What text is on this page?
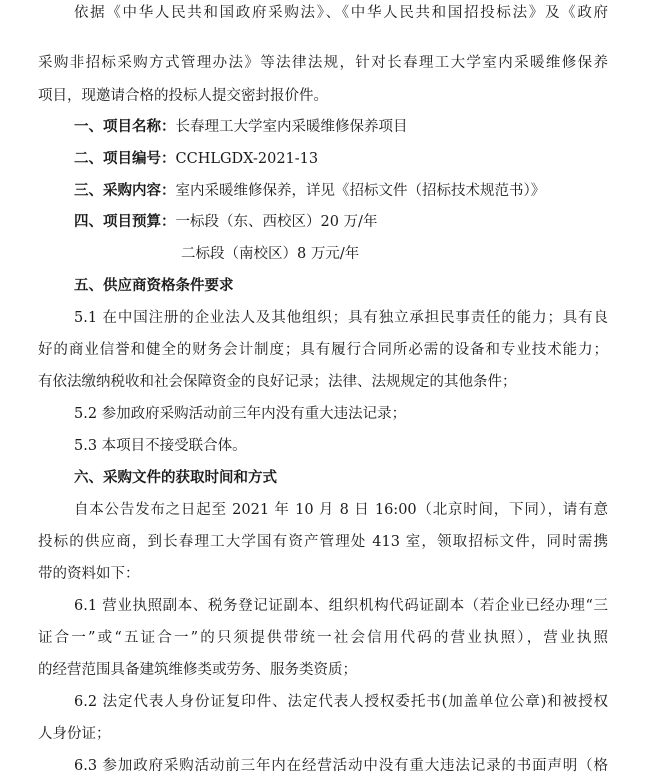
依据《中华人民共和国政府采购法》、《中华人民共和国招投标法》及《政府
采购非招标采购方式管理办法》等法律法规，针对长春理工大学室内采暖维修保养
项目，现邀请合格的投标人提交密封报价件。
一、项目名称：长春理工大学室内采暖维修保养项目
二、项目编号：CCHLGDX-2021-13
三、采购内容：室内采暖维修保养，详见《招标文件（招标技术规范书）》
四、项目预算：一标段（东、西校区）20 万/年
二标段（南校区）8 万元/年
五、供应商资格条件要求
5.1 在中国注册的企业法人及其他组织；具有独立承担民事责任的能力；具有良
好的商业信誉和健全的财务会计制度；具有履行合同所必需的设备和专业技术能力；
有依法缴纳税收和社会保障资金的良好记录；法律、法规规定的其他条件；
5.2 参加政府采购活动前三年内没有重大违法记录；
5.3 本项目不接受联合体。
六、采购文件的获取时间和方式
自本公告发布之日起至 2021 年 10 月 8 日 16:00（北京时间，下同），请有意
投标的供应商，到长春理工大学国有资产管理处 413 室，领取招标文件，同时需携
带的资料如下：
6.1 营业执照副本、税务登记证副本、组织机构代码证副本（若企业已经办理“三
证合一”或“五证合一”的只须提供带统一社会信用代码的营业执照），营业执照
的经营范围具备建筑维修类或劳务、服务类资质；
6.2 法定代表人身份证复印件、法定代表人授权委托书(加盖单位公章)和被授权
人身份证；
6.3 参加政府采购活动前三年内在经营活动中没有重大违法记录的书面声明（格
